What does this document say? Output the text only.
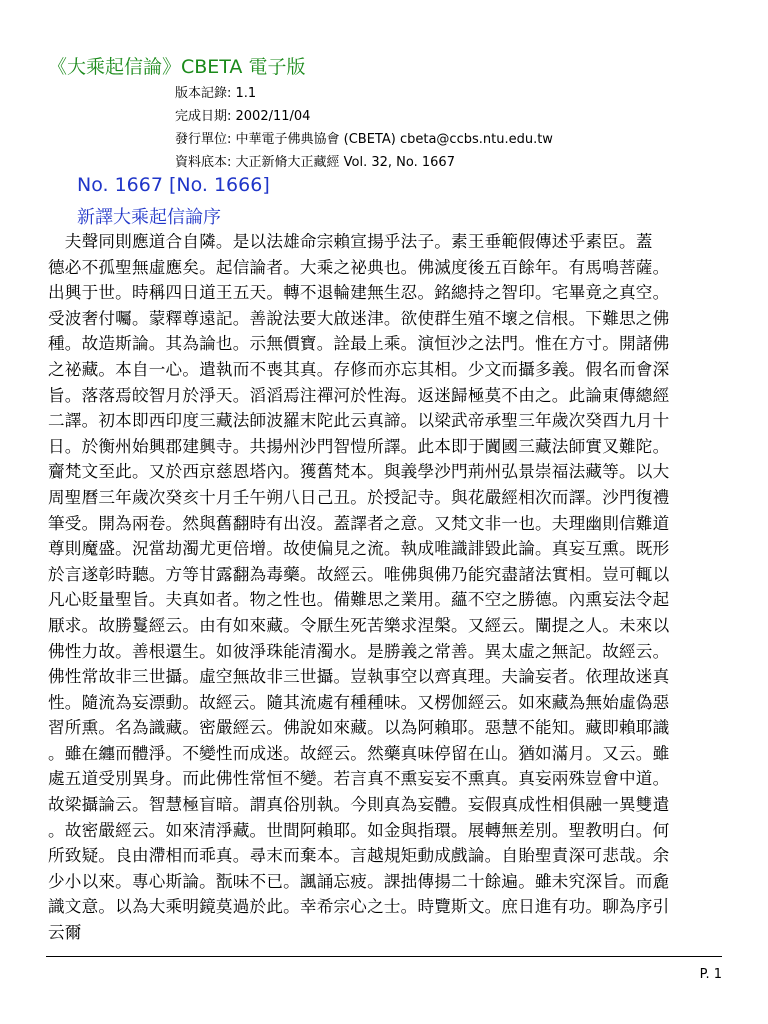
《大乘起信論》CBETA 電子版
版本記錄: 1.1
完成日期: 2002/11/04
發行單位: 中華電子佛典協會 (CBETA) cbeta@ccbs.ntu.edu.tw
資料底本: 大正新脩大正藏經 Vol. 32, No. 1667
No. 1667 [No. 1666]
新譯大乘起信論序
　夫聲同則應道合自隣。是以法雄命宗賴宣揚乎法子。素王垂範假傳述乎素臣。蓋
德必不孤聖無虛應矣。起信論者。大乘之祕典也。佛滅度後五百餘年。有馬鳴菩薩。
出興于世。時稱四日道王五天。轉不退輪建無生忍。銘總持之智印。宅畢竟之真空。
受波奢付囑。蒙釋尊遠記。善說法要大啟迷津。欲使群生殖不壞之信根。下難思之佛
種。故造斯論。其為論也。示無價寶。詮最上乘。演恒沙之法門。惟在方寸。開諸佛
之祕藏。本自一心。遣執而不喪其真。存修而亦忘其相。少文而攝多義。假名而會深
旨。落落焉皎智月於淨天。滔滔焉注禪河於性海。返迷歸極莫不由之。此論東傳總經
二譯。初本即西印度三藏法師波羅末陀此云真諦。以梁武帝承聖三年歲次癸酉九月十
日。於衡州始興郡建興寺。共揚州沙門智愷所譯。此本即于闐國三藏法師實叉難陀。
齎梵文至此。又於西京慈恩塔內。獲舊梵本。與義學沙門荊州弘景崇福法藏等。以大
周聖曆三年歲次癸亥十月壬午朔八日己丑。於授記寺。與花嚴經相次而譯。沙門復禮
筆受。開為兩卷。然與舊翻時有出沒。蓋譯者之意。又梵文非一也。夫理幽則信難道
尊則魔盛。況當劫濁尤更倍增。故使偏見之流。執成唯識誹毀此論。真妄互熏。既形
於言遂彰時聽。方等甘露翻為毒藥。故經云。唯佛與佛乃能究盡諸法實相。豈可輒以
凡心貶量聖旨。夫真如者。物之性也。備難思之業用。蘊不空之勝德。內熏妄法令起
厭求。故勝鬘經云。由有如來藏。令厭生死苦樂求涅槃。又經云。闡提之人。未來以
佛性力故。善根還生。如彼淨珠能清濁水。是勝義之常善。異太虛之無記。故經云。
佛性常故非三世攝。虛空無故非三世攝。豈執事空以齊真理。夫論妄者。依理故迷真
性。隨流為妄漂動。故經云。隨其流處有種種味。又楞伽經云。如來藏為無始虛偽惡
習所熏。名為識藏。密嚴經云。佛說如來藏。以為阿賴耶。惡慧不能知。藏即賴耶識
。雖在纏而體淨。不變性而成迷。故經云。然藥真味停留在山。猶如滿月。又云。雖
處五道受別異身。而此佛性常恒不變。若言真不熏妄妄不熏真。真妄兩殊豈會中道。
故梁攝論云。智慧極盲暗。謂真俗別執。今則真為妄體。妄假真成性相俱融一異雙遣
。故密嚴經云。如來清淨藏。世間阿賴耶。如金與指環。展轉無差別。聖教明白。何
所致疑。良由滯相而乖真。尋末而棄本。言越規矩動成戲論。自貽聖責深可悲哉。余
少小以來。專心斯論。翫味不已。諷誦忘疲。課拙傳揚二十餘遍。雖未究深旨。而麁
識文意。以為大乘明鏡莫過於此。幸希宗心之士。時覽斯文。庶日進有功。聊為序引
云爾
P. 1
